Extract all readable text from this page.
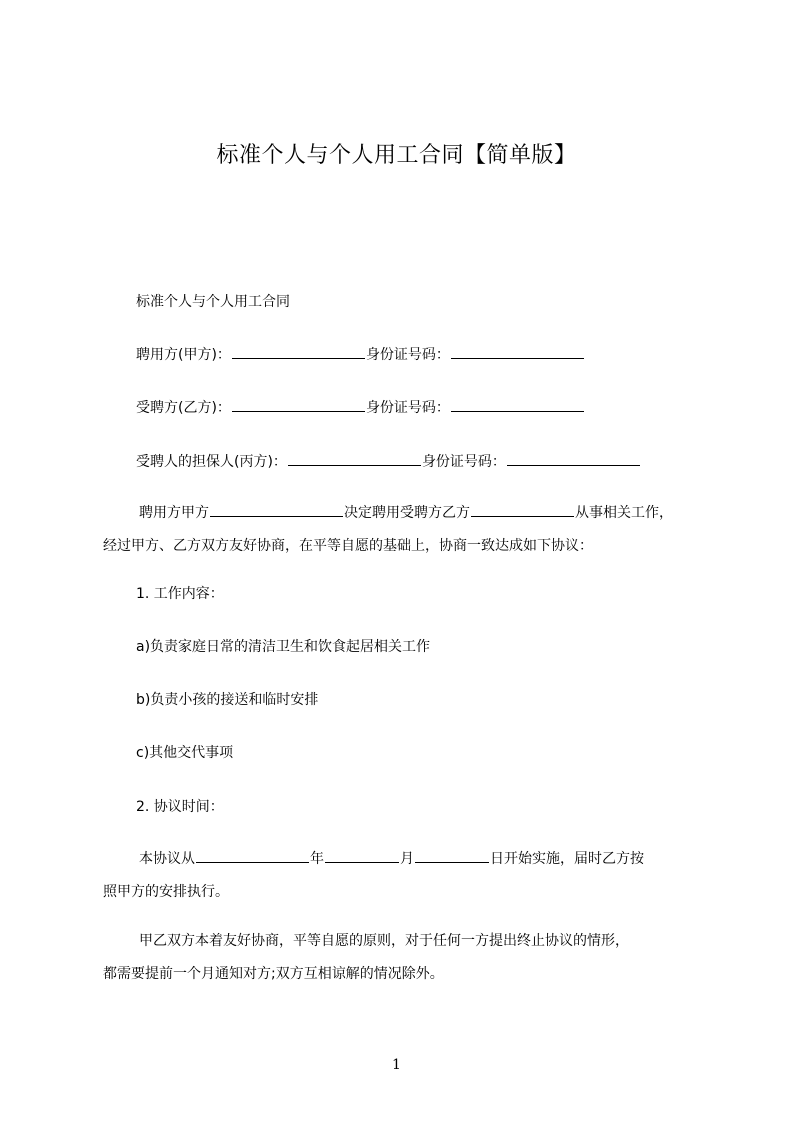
标准个人与个人用工合同【简单版】
标准个人与个人用工合同
聘用方(甲方)：	身份证号码：
受聘方(乙方)：	身份证号码：
受聘人的担保人(丙方)：	身份证号码：
聘用方甲方	决定聘用受聘方乙方	从事相关工作，
经过甲方、乙方双方友好协商，在平等自愿的基础上，协商一致达成如下协议：
1. 工作内容：
a)负责家庭日常的清洁卫生和饮食起居相关工作
b)负责小孩的接送和临时安排
c)其他交代事项
2. 协议时间：
本协议从	年	月	日开始实施，届时乙方按
照甲方的安排执行。
甲乙双方本着友好协商，平等自愿的原则，对于任何一方提出终止协议的情形，
都需要提前一个月通知对方;双方互相谅解的情况除外。
1
